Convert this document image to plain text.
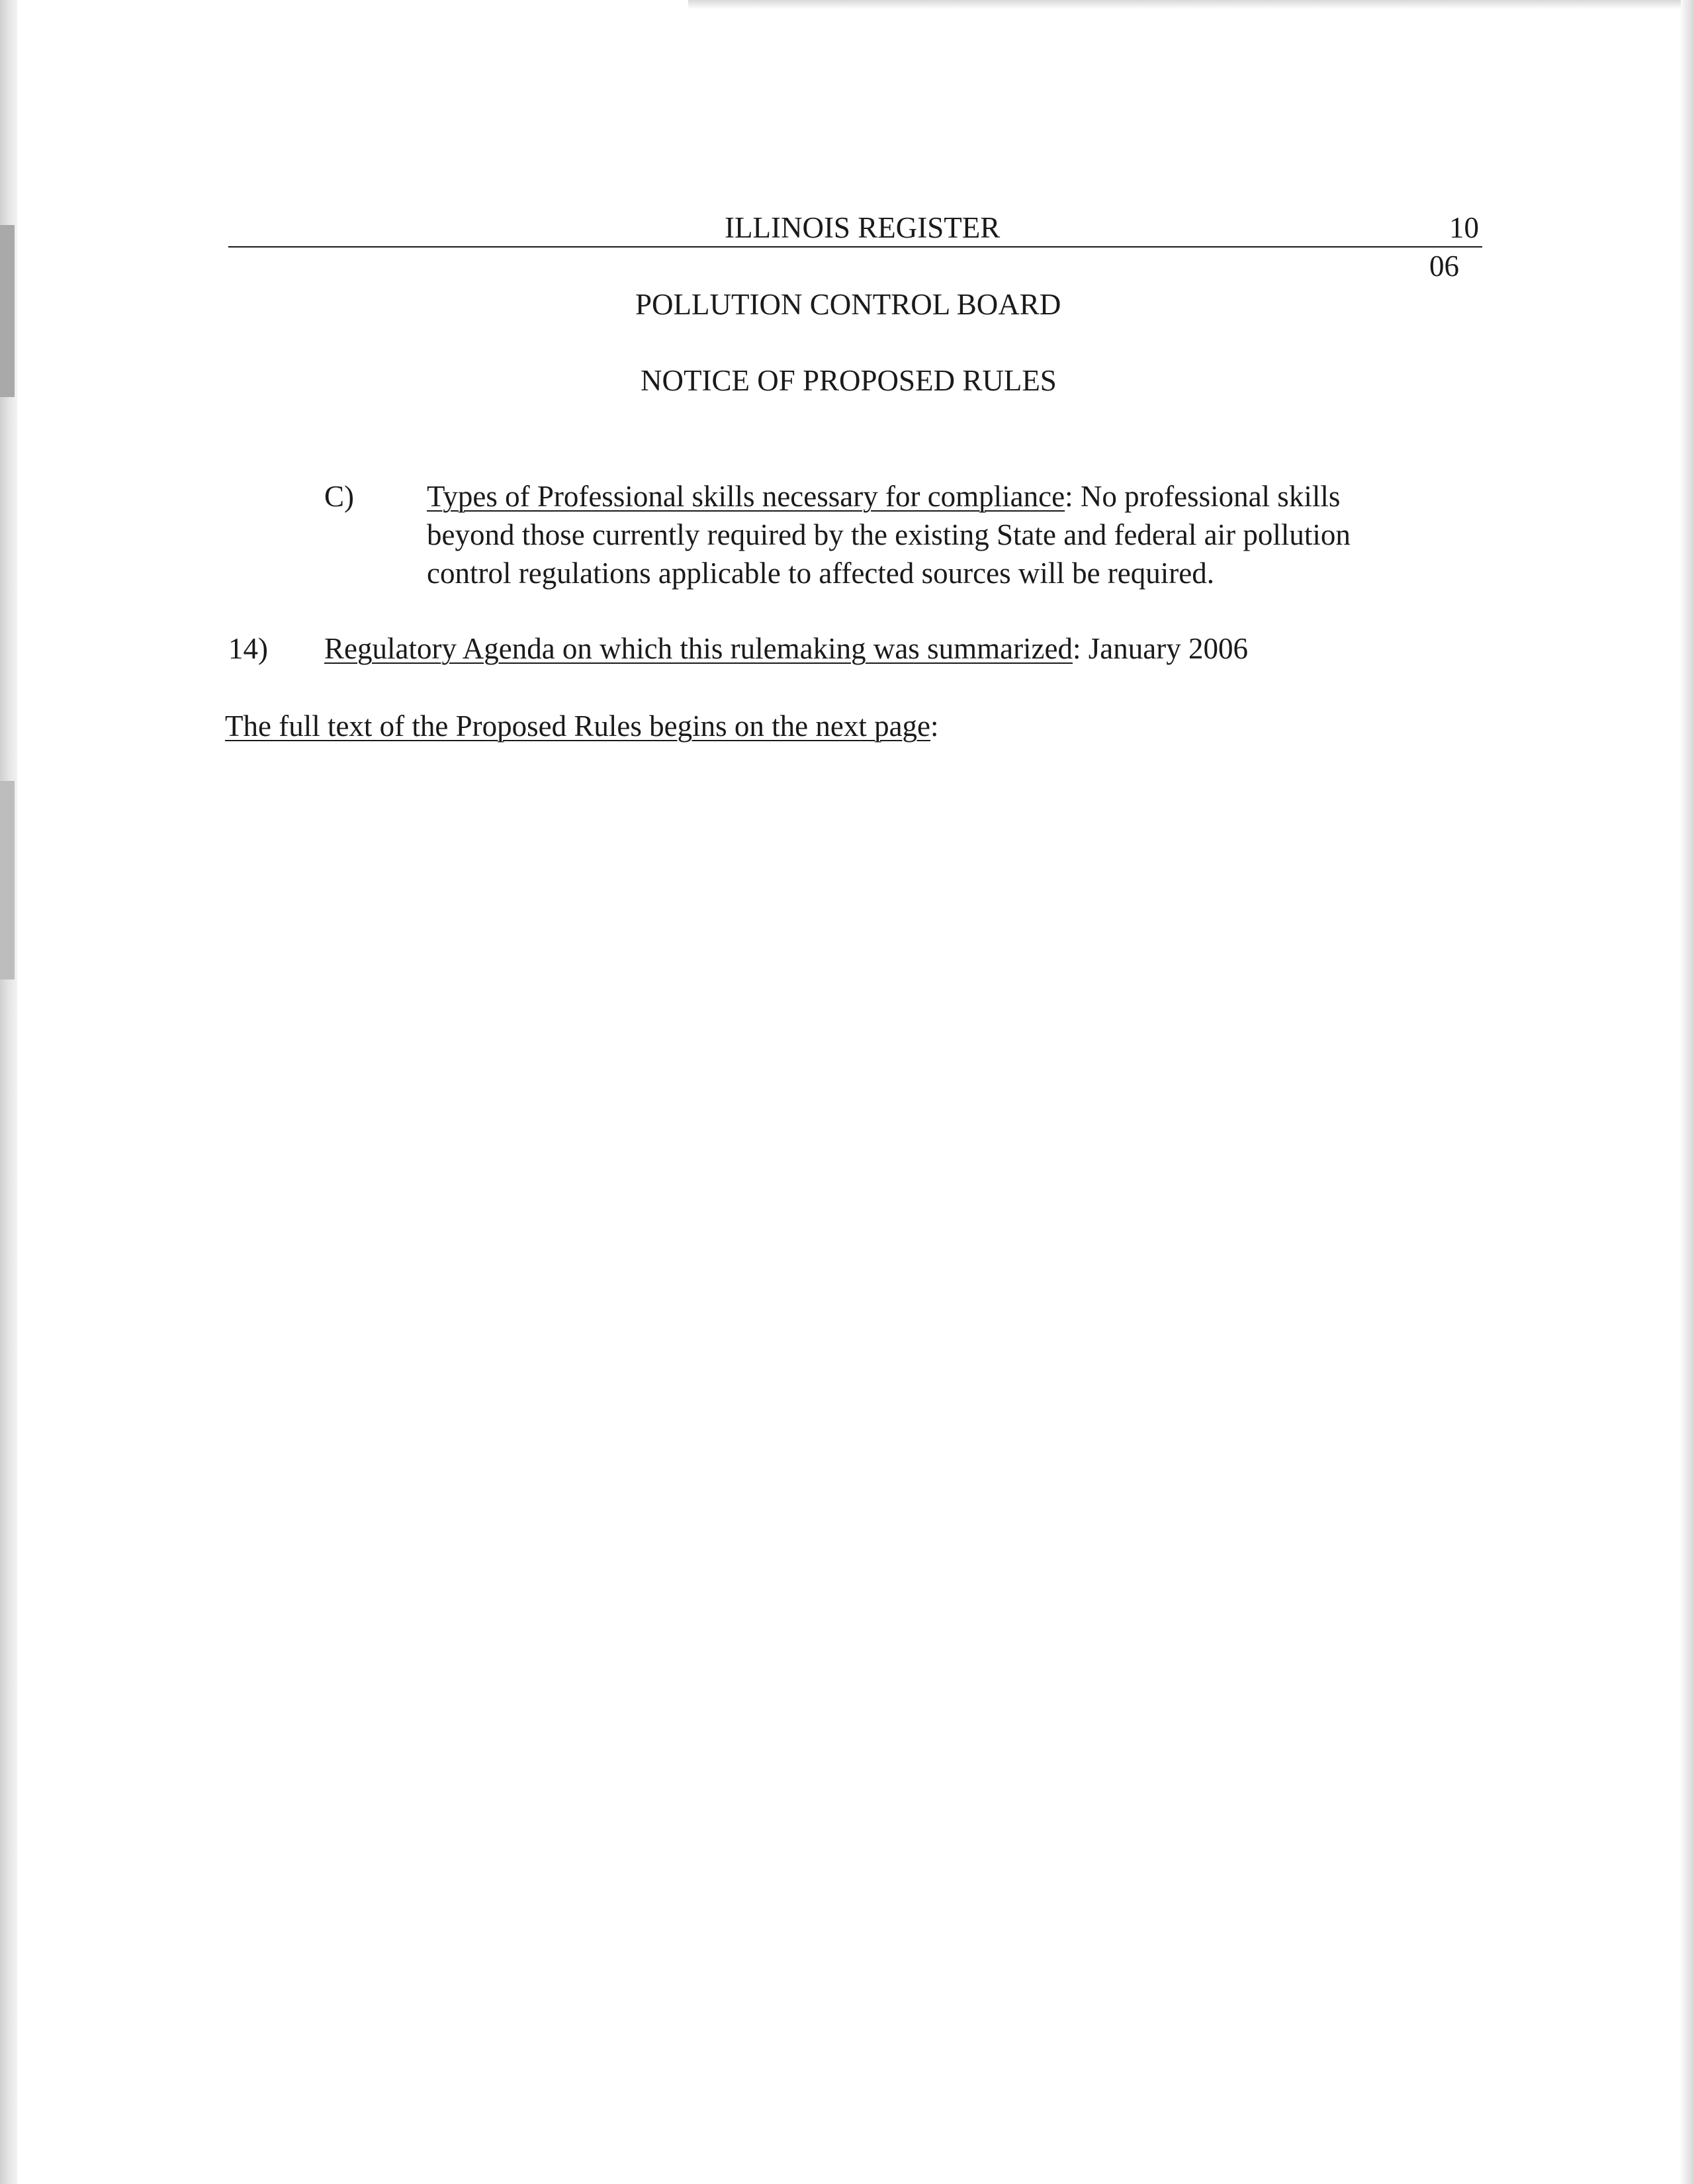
ILLINOIS REGISTER	10
06
POLLUTION CONTROL BOARD
NOTICE OF PROPOSED RULES
C) Types of Professional skills necessary for compliance: No professional skills
beyond those currently required by the existing State and federal air pollution
control regulations applicable to affected sources will be required.
14) Regulatory Agenda on which this rulemaking was summarized: January 2006
The full text of the Proposed Rules begins on the next page:
